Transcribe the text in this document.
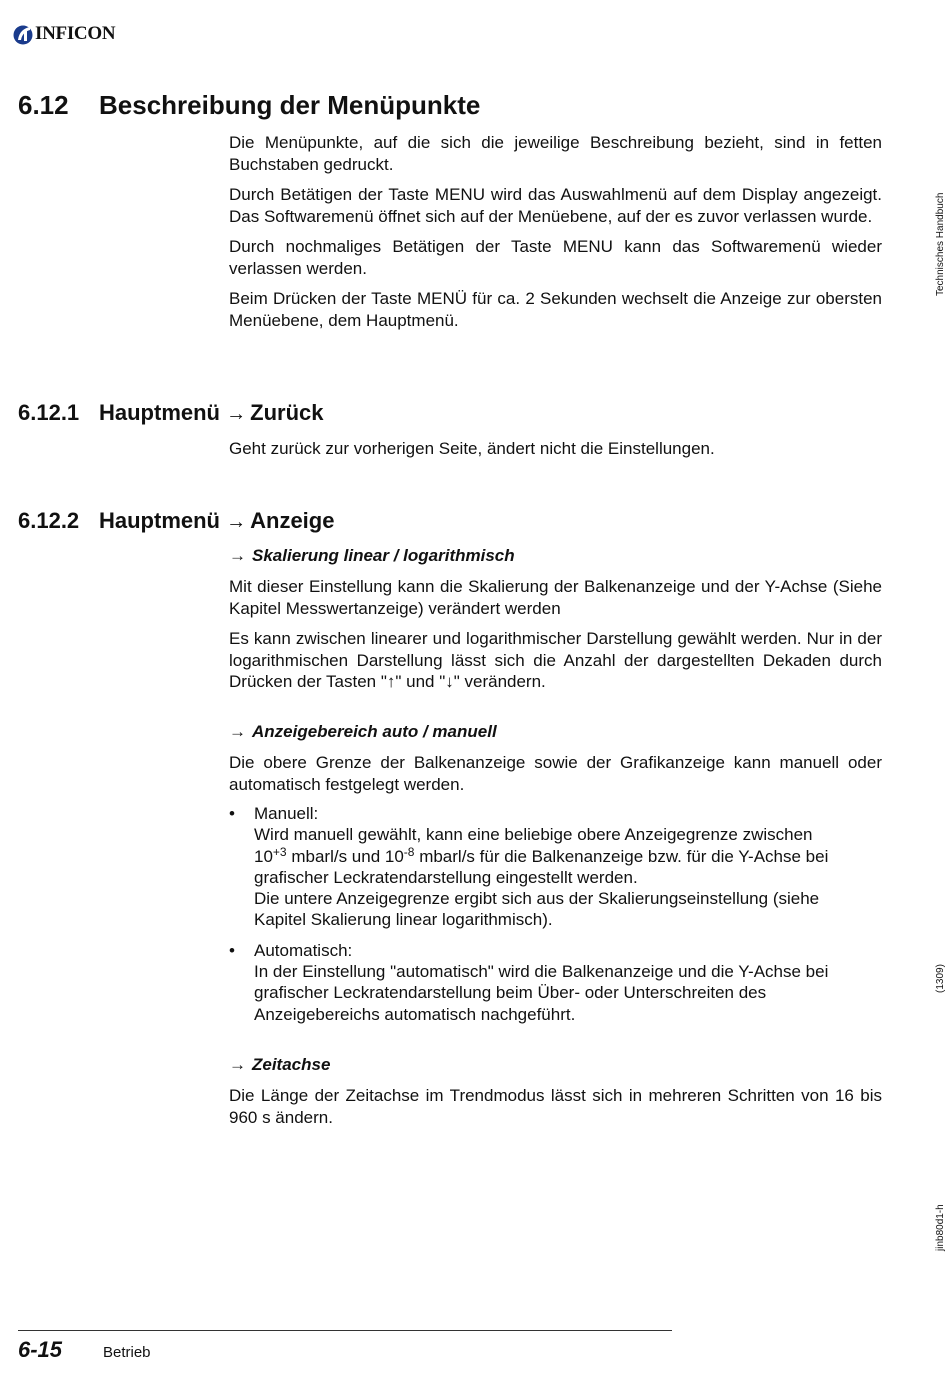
INFICON
6.12 Beschreibung der Menüpunkte

Die Menüpunkte, auf die sich die jeweilige Beschreibung bezieht, sind in fetten Buchstaben gedruckt.

Durch Betätigen der Taste MENU wird das Auswahlmenü auf dem Display angezeigt. Das Softwaremenü öffnet sich auf der Menüebene, auf der es zuvor verlassen wurde.

Durch nochmaliges Betätigen der Taste MENU kann das Softwaremenü wieder verlassen werden.

Beim Drücken der Taste MENÜ für ca. 2 Sekunden wechselt die Anzeige zur obersten Menüebene, dem Hauptmenü.

6.12.1 Hauptmenü → Zurück

Geht zurück zur vorherigen Seite, ändert nicht die Einstellungen.

6.12.2 Hauptmenü → Anzeige
→ Skalierung linear / logarithmisch

Mit dieser Einstellung kann die Skalierung der Balkenanzeige und der Y-Achse (Siehe Kapitel Messwertanzeige) verändert werden

Es kann zwischen linearer und logarithmischer Darstellung gewählt werden. Nur in der logarithmischen Darstellung lässt sich die Anzahl der dargestellten Dekaden durch Drücken der Tasten "↑" und "↓" verändern.

→ Anzeigebereich auto / manuell

Die obere Grenze der Balkenanzeige sowie der Grafikanzeige kann manuell oder automatisch festgelegt werden.

• Manuell:
Wird manuell gewählt, kann eine beliebige obere Anzeigegrenze zwischen
$10^{+3}$ mbarl/s und $10^{-8}$ mbarl/s für die Balkenanzeige bzw. für die Y-Achse bei grafischer Leckratendarstellung eingestellt werden.
Die untere Anzeigegrenze ergibt sich aus der Skalierungseinstellung (siehe Kapitel Skalierung linear logarithmisch).
• Automatisch:
In der Einstellung "automatisch" wird die Balkenanzeige und die Y-Achse bei grafischer Leckratendarstellung beim Über- oder Unterschreiten des Anzeigebereichs automatisch nachgeführt.
→ Zeitachse

Die Länge der Zeitachse im Trendmodus lässt sich in mehreren Schritten von 16 bis 960 s ändern.

Technisches Handbuch
(1309)
jinb80d1-h
6-15	Betrieb
